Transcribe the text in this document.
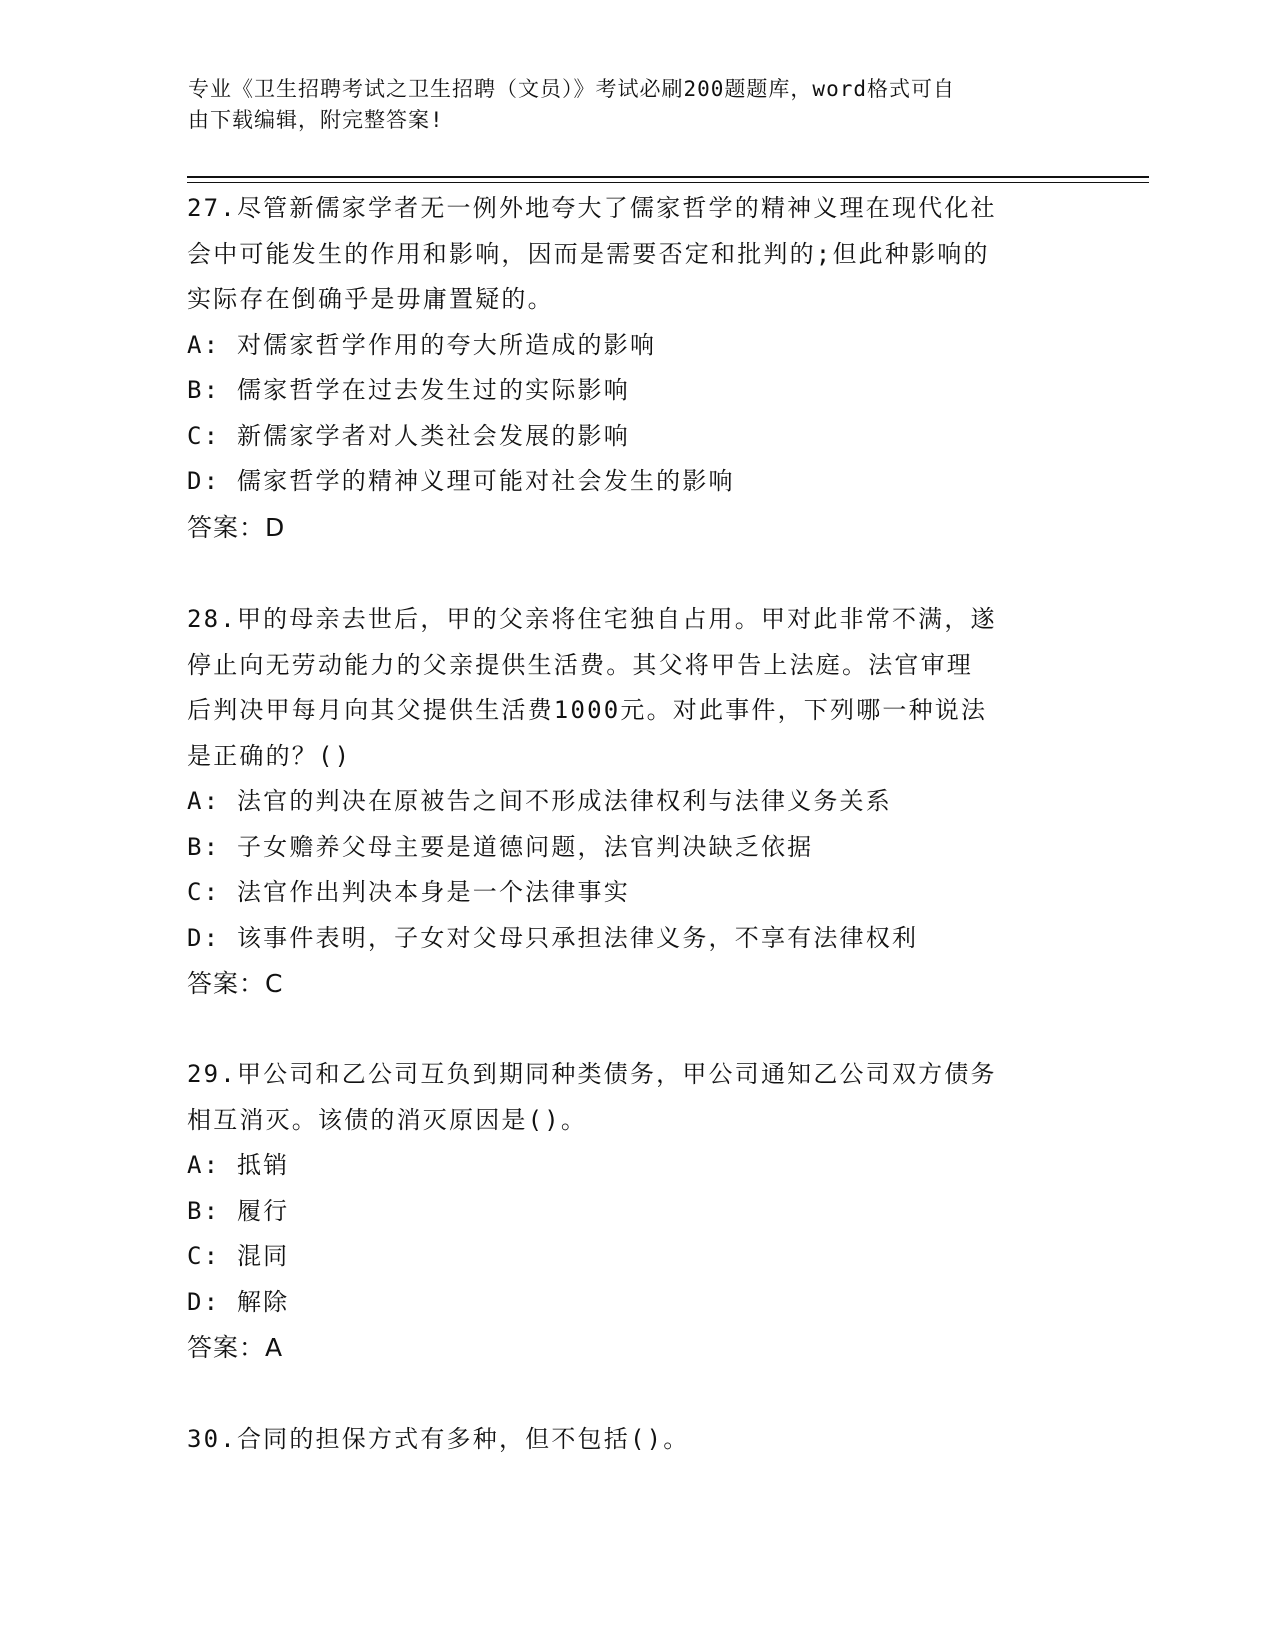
专业《卫生招聘考试之卫生招聘（文员）》考试必刷200题题库，word格式可自
由下载编辑，附完整答案!
27.尽管新儒家学者无一例外地夸大了儒家哲学的精神义理在现代化社
会中可能发生的作用和影响，因而是需要否定和批判的;但此种影响的
实际存在倒确乎是毋庸置疑的。
A: 对儒家哲学作用的夸大所造成的影响
B: 儒家哲学在过去发生过的实际影响
C: 新儒家学者对人类社会发展的影响
D: 儒家哲学的精神义理可能对社会发生的影响
答案：D
28.甲的母亲去世后，甲的父亲将住宅独自占用。甲对此非常不满，遂
停止向无劳动能力的父亲提供生活费。其父将甲告上法庭。法官审理
后判决甲每月向其父提供生活费1000元。对此事件，下列哪一种说法
是正确的？()
A: 法官的判决在原被告之间不形成法律权利与法律义务关系
B: 子女赡养父母主要是道德问题，法官判决缺乏依据
C: 法官作出判决本身是一个法律事实
D: 该事件表明，子女对父母只承担法律义务，不享有法律权利
答案：C
29.甲公司和乙公司互负到期同种类债务，甲公司通知乙公司双方债务
相互消灭。该债的消灭原因是()。
A: 抵销
B: 履行
C: 混同
D: 解除
答案：A
30.合同的担保方式有多种，但不包括()。
